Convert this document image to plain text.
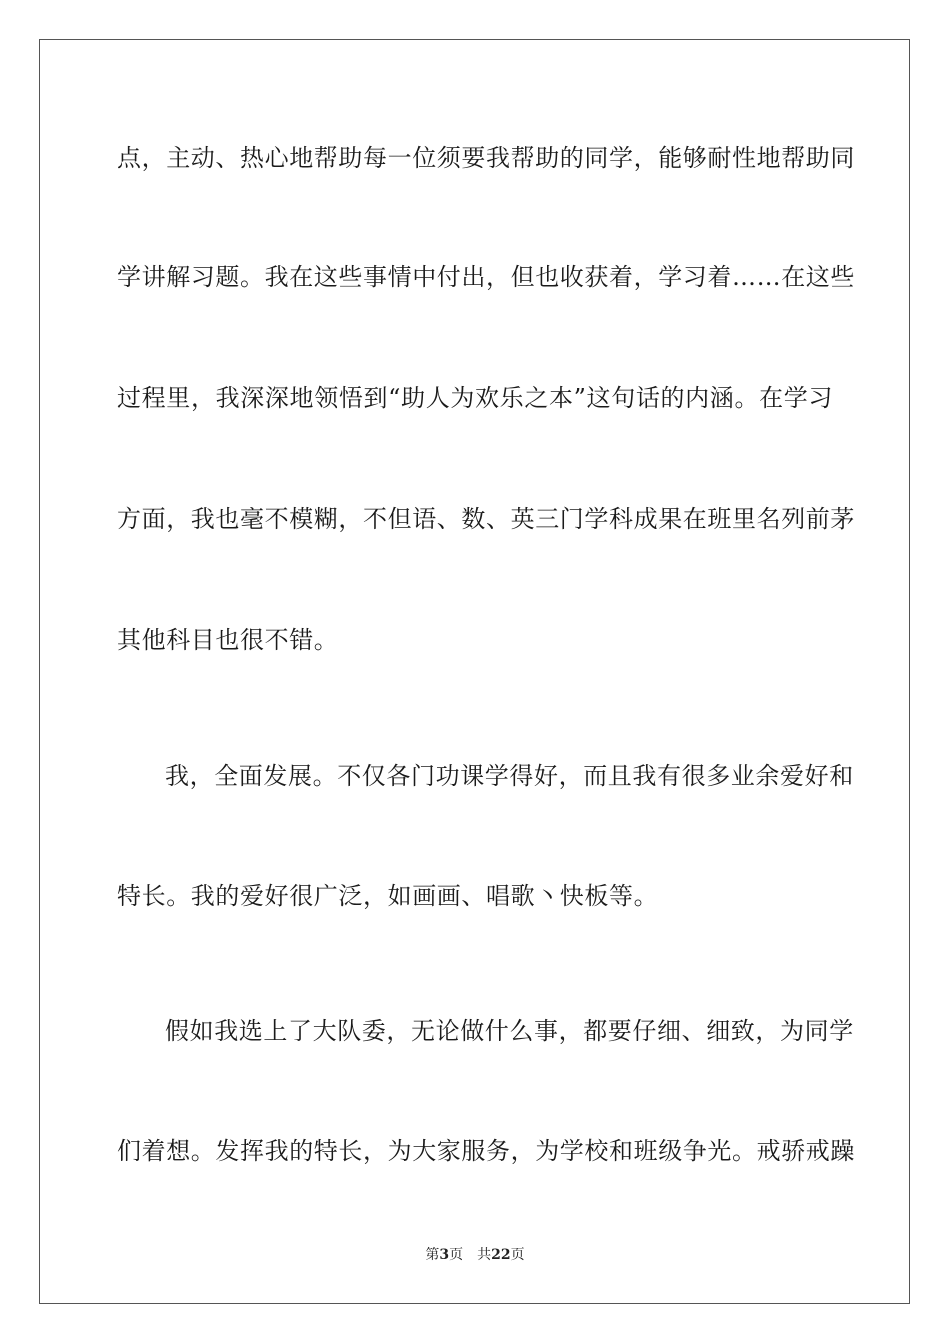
点，主动、热心地帮助每一位须要我帮助的同学，能够耐性地帮助同
学讲解习题。我在这些事情中付出，但也收获着，学习着……在这些
过程里，我深深地领悟到“助人为欢乐之本”这句话的内涵。在学习
方面，我也毫不模糊，不但语、数、英三门学科成果在班里名列前茅
其他科目也很不错。
我，全面发展。不仅各门功课学得好，而且我有很多业余爱好和
特长。我的爱好很广泛，如画画、唱歌丶快板等。
假如我选上了大队委，无论做什么事，都要仔细、细致，为同学
们着想。发挥我的特长，为大家服务，为学校和班级争光。戒骄戒躁
第3页 共22页
